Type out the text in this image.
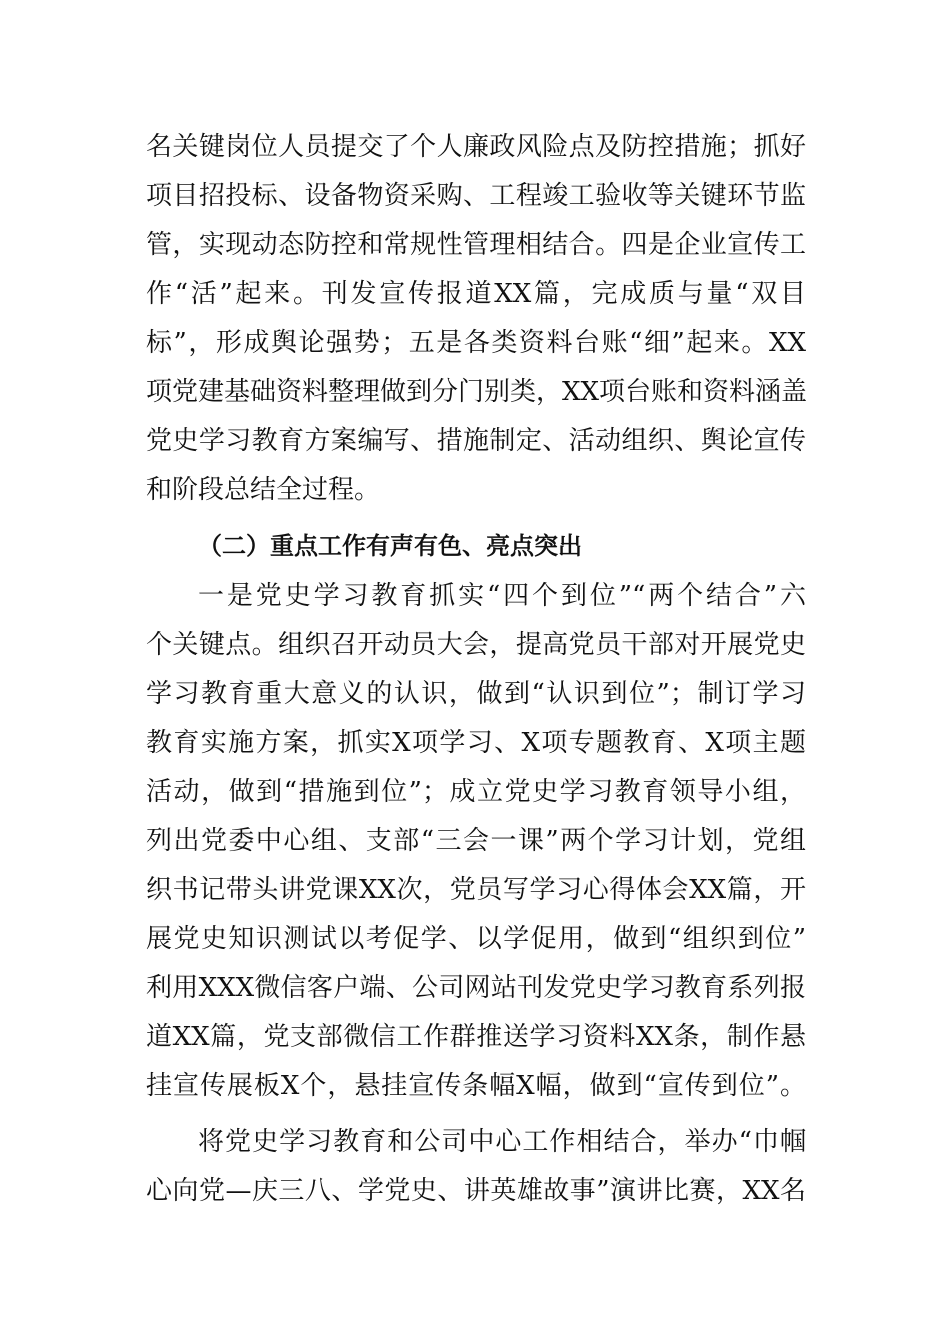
名关键岗位人员提交了个人廉政风险点及防控措施；抓好
项目招投标、设备物资采购、工程竣工验收等关键环节监
管，实现动态防控和常规性管理相结合。四是企业宣传工
作“活”起来。刊发宣传报道XX篇，完成质与量“双目
标”，形成舆论强势；五是各类资料台账“细”起来。XX
项党建基础资料整理做到分门别类，XX项台账和资料涵盖
党史学习教育方案编写、措施制定、活动组织、舆论宣传
和阶段总结全过程。
（二）重点工作有声有色、亮点突出
一是党史学习教育抓实“四个到位”“两个结合”六
个关键点。组织召开动员大会，提高党员干部对开展党史
学习教育重大意义的认识，做到“认识到位”；制订学习
教育实施方案，抓实X项学习、X项专题教育、X项主题
活动，做到“措施到位”；成立党史学习教育领导小组，
列出党委中心组、支部“三会一课”两个学习计划，党组
织书记带头讲党课XX次，党员写学习心得体会XX篇，开
展党史知识测试以考促学、以学促用，做到“组织到位”
利用XXX微信客户端、公司网站刊发党史学习教育系列报
道XX篇，党支部微信工作群推送学习资料XX条，制作悬
挂宣传展板X个，悬挂宣传条幅X幅，做到“宣传到位”。
将党史学习教育和公司中心工作相结合，举办“巾帼
心向党—庆三八、学党史、讲英雄故事”演讲比赛，XX名
